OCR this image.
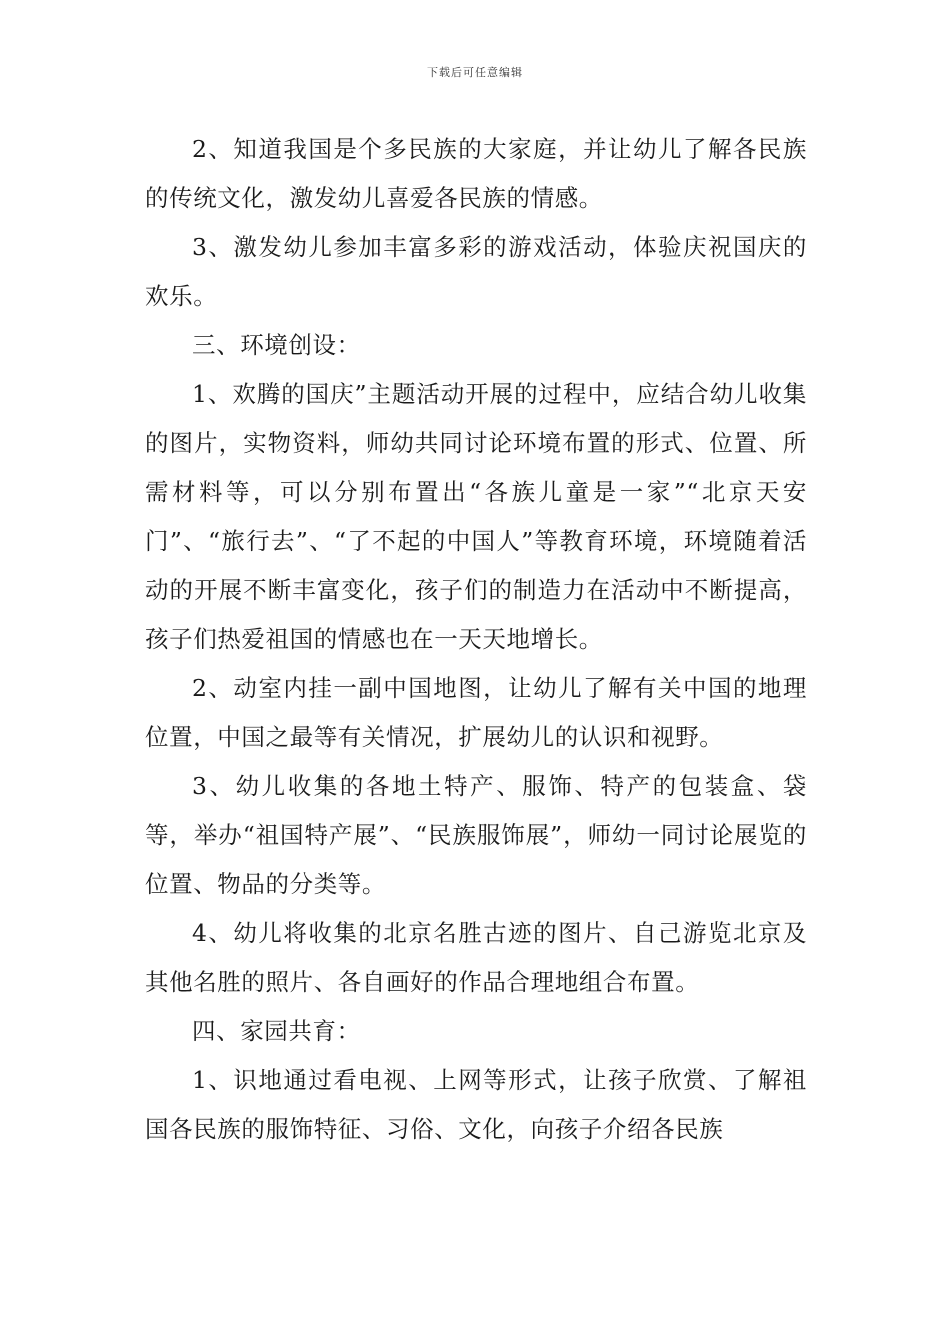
下载后可任意编辑

2、知道我国是个多民族的大家庭，并让幼儿了解各民族的传统文化，激发幼儿喜爱各民族的情感。

3、激发幼儿参加丰富多彩的游戏活动，体验庆祝国庆的欢乐。

三、环境创设：

1、欢腾的国庆”主题活动开展的过程中，应结合幼儿收集的图片，实物资料，师幼共同讨论环境布置的形式、位置、所需材料等，可以分别布置出“各族儿童是一家”“北京天安门”、“旅行去”、“了不起的中国人”等教育环境，环境随着活动的开展不断丰富变化，孩子们的制造力在活动中不断提高，孩子们热爱祖国的情感也在一天天地增长。

2、动室内挂一副中国地图，让幼儿了解有关中国的地理位置，中国之最等有关情况，扩展幼儿的认识和视野。

3、幼儿收集的各地土特产、服饰、特产的包装盒、袋等，举办“祖国特产展”、“民族服饰展”，师幼一同讨论展览的位置、物品的分类等。

4、幼儿将收集的北京名胜古迹的图片、自己游览北京及其他名胜的照片、各自画好的作品合理地组合布置。

四、家园共育：

1、识地通过看电视、上网等形式，让孩子欣赏、了解祖国各民族的服饰特征、习俗、文化，向孩子介绍各民族
